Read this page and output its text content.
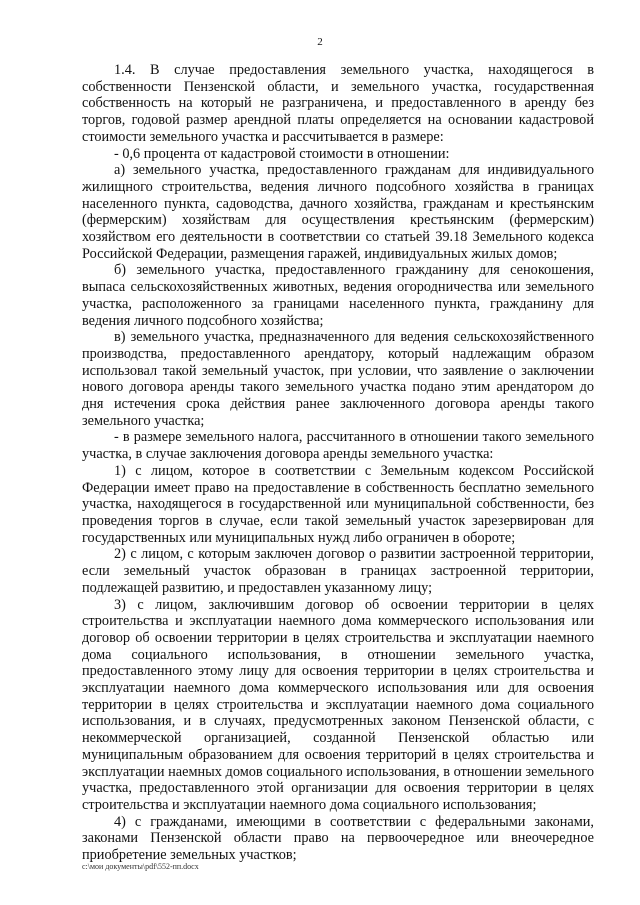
2

1.4. В случае предоставления земельного участка, находящегося в собственности Пензенской области, и земельного участка, государственная собственность на который не разграничена, и предоставленного в аренду без торгов, годовой размер арендной платы определяется на основании кадастровой стоимости земельного участка и рассчитывается в размере:

- 0,6 процента от кадастровой стоимости в отношении:

а) земельного участка, предоставленного гражданам для индивидуального жилищного строительства, ведения личного подсобного хозяйства в границах населенного пункта, садоводства, дачного хозяйства, гражданам и крестьянским (фермерским) хозяйствам для осуществления крестьянским (фермерским) хозяйством его деятельности в соответствии со статьей 39.18 Земельного кодекса Российской Федерации, размещения гаражей, индивидуальных жилых домов;

б) земельного участка, предоставленного гражданину для сенокошения, выпаса сельскохозяйственных животных, ведения огородничества или земельного участка, расположенного за границами населенного пункта, гражданину для ведения личного подсобного хозяйства;

в) земельного участка, предназначенного для ведения сельскохозяйственного производства, предоставленного арендатору, который надлежащим образом использовал такой земельный участок, при условии, что заявление о заключении нового договора аренды такого земельного участка подано этим арендатором до дня истечения срока действия ранее заключенного договора аренды такого земельного участка;

- в размере земельного налога, рассчитанного в отношении такого земельного участка, в случае заключения договора аренды земельного участка:

1) с лицом, которое в соответствии с Земельным кодексом Российской Федерации имеет право на предоставление в собственность бесплатно земельного участка, находящегося в государственной или муниципальной собственности, без проведения торгов в случае, если такой земельный участок зарезервирован для государственных или муниципальных нужд либо ограничен в обороте;

2) с лицом, с которым заключен договор о развитии застроенной территории, если земельный участок образован в границах застроенной территории, подлежащей развитию, и предоставлен указанному лицу;

3) с лицом, заключившим договор об освоении территории в целях строительства и эксплуатации наемного дома коммерческого использования или договор об освоении территории в целях строительства и эксплуатации наемного дома социального использования, в отношении земельного участка, предоставленного этому лицу для освоения территории в целях строительства и эксплуатации наемного дома коммерческого использования или для освоения территории в целях строительства и эксплуатации наемного дома социального использования, и в случаях, предусмотренных законом Пензенской области, с некоммерческой организацией, созданной Пензенской областью или муниципальным образованием для освоения территорий в целях строительства и эксплуатации наемных домов социального использования, в отношении земельного участка, предоставленного этой организации для освоения территории в целях строительства и эксплуатации наемного дома социального использования;

4) с гражданами, имеющими в соответствии с федеральными законами, законами Пензенской области право на первоочередное или внеочередное приобретение земельных участков;

c:\мои документы\pdf\552-пп.docx
